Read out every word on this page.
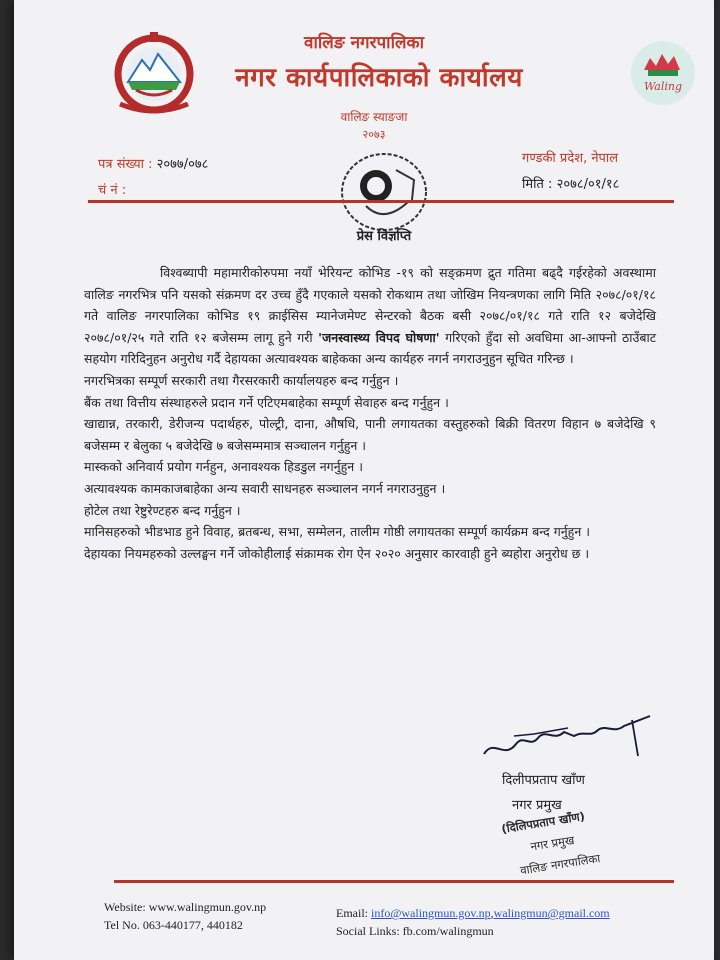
वालिङ नगरपालिका
नगर कार्यपालिकाको कार्यालय
वालिङ स्याङजा
२०७३
Waling
पत्र संख्या : २०७७/०७८
चं नं :
गण्डकी प्रदेश, नेपाल
मिति : २०७८/०१/१८
प्रेस विज्ञप्ति

विश्वब्यापी महामारीकोरुपमा नयाँ भेरियन्ट कोभिड -१९ को सङ्क्रमण द्रुत गतिमा बढ्दै गईरहेको अवस्थामा वालिङ नगरभित्र पनि यसको संक्रमण दर उच्च हुँदै गएकाले यसको रोकथाम तथा जोखिम नियन्त्रणका लागि मिति २०७८/०१/१८ गते वालिङ नगरपालिका कोभिड १९ क्राईसिस म्यानेजमेण्ट सेन्टरको बैठक बसी २०७८/०१/१८ गते राति १२ बजेदेखि २०७८/०१/२५ गते राति १२ बजेसम्म लागू हुने गरी 'जनस्वास्थ्य विपद घोषणा' गरिएको हुँदा सो अवधिमा आ-आफ्नो ठाउँबाट सहयोग गरिदिनुहन अनुरोध गर्दै देहायका अत्यावश्यक बाहेकका अन्य कार्यहरु नगर्न नगराउनुहुन सूचित गरिन्छ ।

नगरभित्रका सम्पूर्ण सरकारी तथा गैरसरकारी कार्यालयहरु बन्द गर्नुहुन ।

बैंक तथा वित्तीय संस्थाहरुले प्रदान गर्ने एटिएमबाहेका सम्पूर्ण सेवाहरु बन्द गर्नुहुन ।

खाद्यान्न, तरकारी, डेरीजन्य पदार्थहरु, पोल्ट्री, दाना, औषधि, पानी लगायतका वस्तुहरुको बिक्री वितरण विहान ७ बजेदेखि ९ बजेसम्म र बेलुका ५ बजेदेखि ७ बजेसम्ममात्र सञ्चालन गर्नुहुन ।

मास्कको अनिवार्य प्रयोग गर्नहुन, अनावश्यक हिडडुल नगर्नुहुन ।

अत्यावश्यक कामकाजबाहेका अन्य सवारी साधनहरु सञ्चालन नगर्न नगराउनुहुन ।

होटेल तथा रेष्टुरेण्टहरु बन्द गर्नुहुन ।

मानिसहरुको भीडभाड हुने विवाह, ब्रतबन्ध, सभा, सम्मेलन, तालीम गोष्ठी लगायतका सम्पूर्ण कार्यक्रम बन्द गर्नुहुन ।

देहायका नियमहरुको उल्लङ्घन गर्ने जोकोहीलाई संक्रामक रोग ऐन २०२० अनुसार कारवाही हुने ब्यहोरा अनुरोध छ ।

दिलीपप्रताप खाँण
नगर प्रमुख
(दिलिपप्रताप खाँण)
नगर प्रमुख
वालिङ नगरपालिका
Website: www.walingmun.gov.np
Tel No. 063-440177, 440182
Email: info@walingmun.gov.np,walingmun@gmail.com
Social Links: fb.com/walingmun
